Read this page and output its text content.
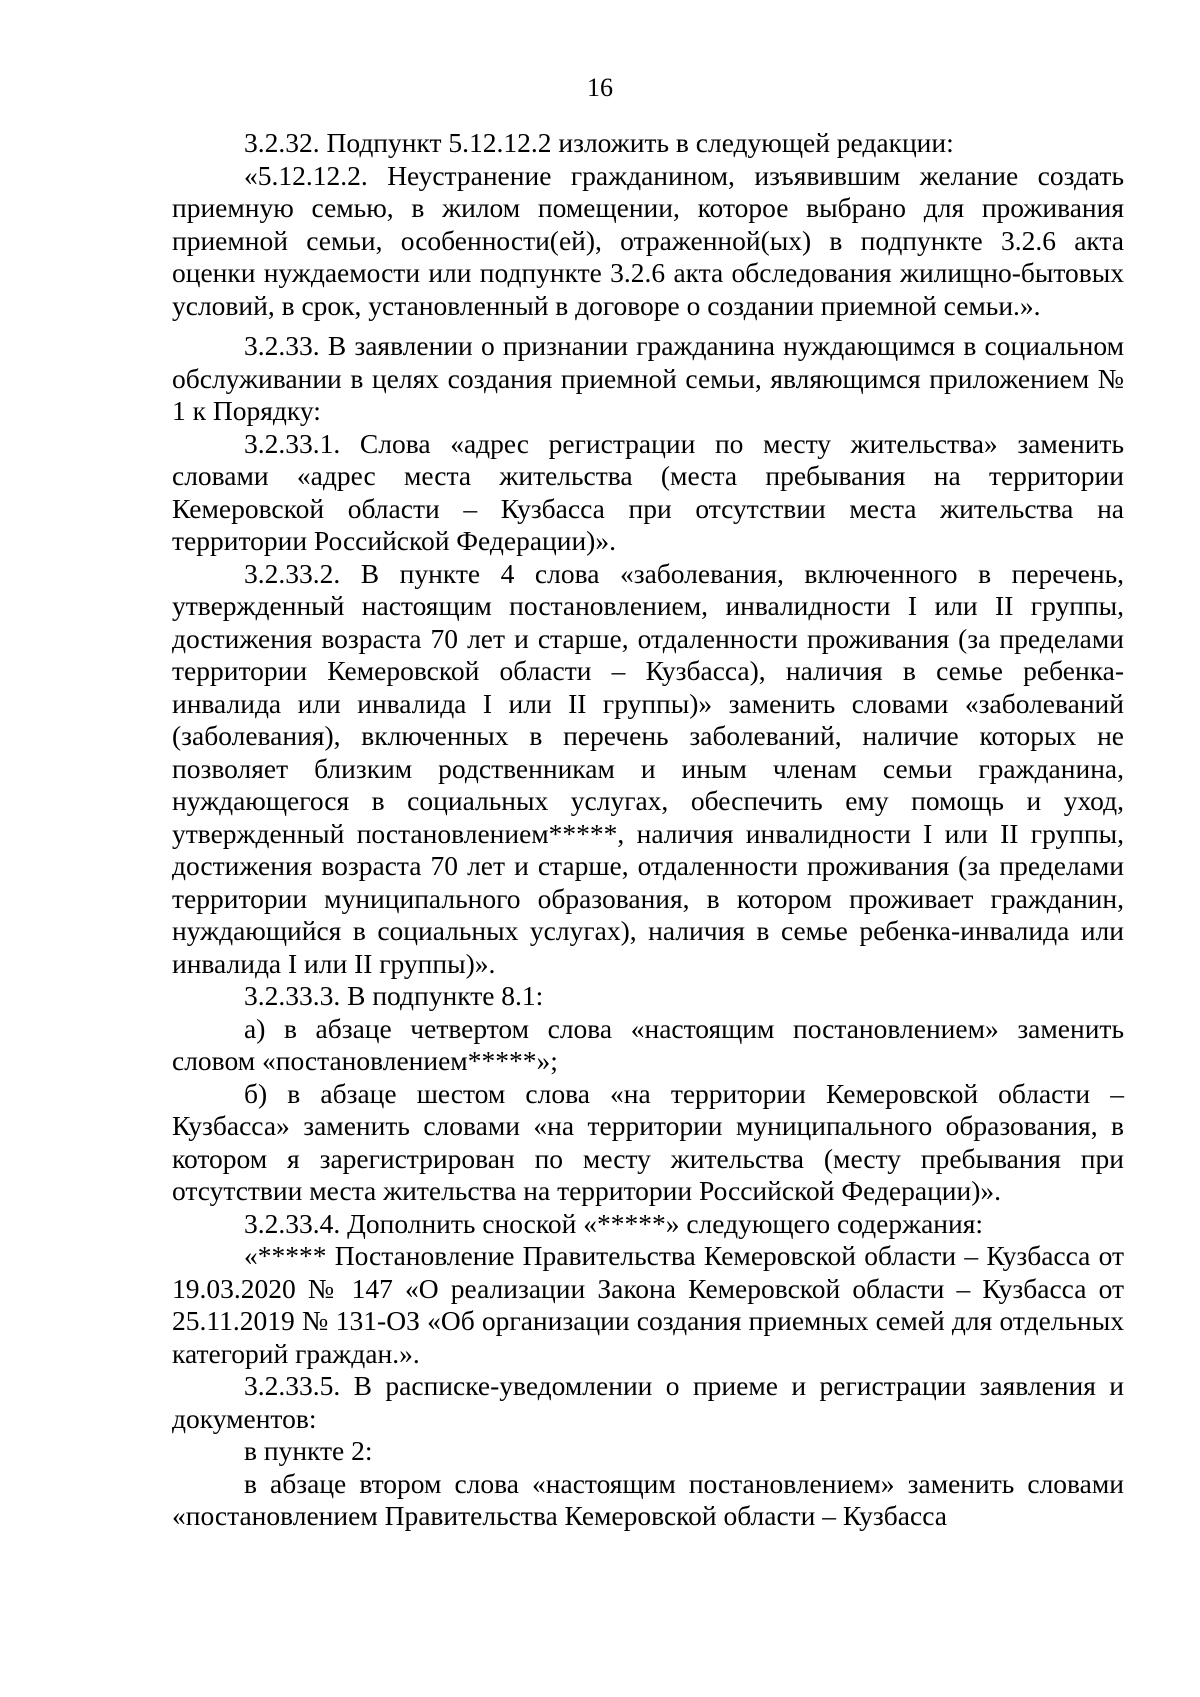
16

3.2.32. Подпункт 5.12.12.2 изложить в следующей редакции:

«5.12.12.2. Неустранение гражданином, изъявившим желание создать приемную семью, в жилом помещении, которое выбрано для проживания приемной семьи, особенности(ей), отраженной(ых) в подпункте 3.2.6 акта оценки нуждаемости или подпункте 3.2.6 акта обследования жилищно-бытовых условий, в срок, установленный в договоре о создании приемной семьи.».

3.2.33. В заявлении о признании гражданина нуждающимся в социальном обслуживании в целях создания приемной семьи, являющимся приложением № 1 к Порядку:

3.2.33.1. Слова «адрес регистрации по месту жительства» заменить словами «адрес места жительства (места пребывания на территории Кемеровской области – Кузбасса при отсутствии места жительства на территории Российской Федерации)».

3.2.33.2. В пункте 4 слова «заболевания, включенного в перечень, утвержденный настоящим постановлением, инвалидности I или II группы, достижения возраста 70 лет и старше, отдаленности проживания (за пределами территории Кемеровской области – Кузбасса), наличия в семье ребенка-инвалида или инвалида I или II группы)» заменить словами «заболеваний (заболевания), включенных в перечень заболеваний, наличие которых не позволяет близким родственникам и иным членам семьи гражданина, нуждающегося в социальных услугах, обеспечить ему помощь и уход, утвержденный постановлением*****, наличия инвалидности I или II группы, достижения возраста 70 лет и старше, отдаленности проживания (за пределами территории муниципального образования, в котором проживает гражданин, нуждающийся в социальных услугах), наличия в семье ребенка-инвалида или инвалида I или II группы)».

3.2.33.3. В подпункте 8.1:

а) в абзаце четвертом слова «настоящим постановлением» заменить словом «постановлением*****»;

б) в абзаце шестом слова «на территории Кемеровской области – Кузбасса» заменить словами «на территории муниципального образования, в котором я зарегистрирован по месту жительства (месту пребывания при отсутствии места жительства на территории Российской Федерации)».

3.2.33.4. Дополнить сноской «*****» следующего содержания:

«***** Постановление Правительства Кемеровской области – Кузбасса от 19.03.2020 № 147 «О реализации Закона Кемеровской области – Кузбасса от 25.11.2019 № 131-ОЗ «Об организации создания приемных семей для отдельных категорий граждан.».

3.2.33.5. В расписке-уведомлении о приеме и регистрации заявления и документов:

в пункте 2:

в абзаце втором слова «настоящим постановлением» заменить словами «постановлением Правительства Кемеровской области – Кузбасса
